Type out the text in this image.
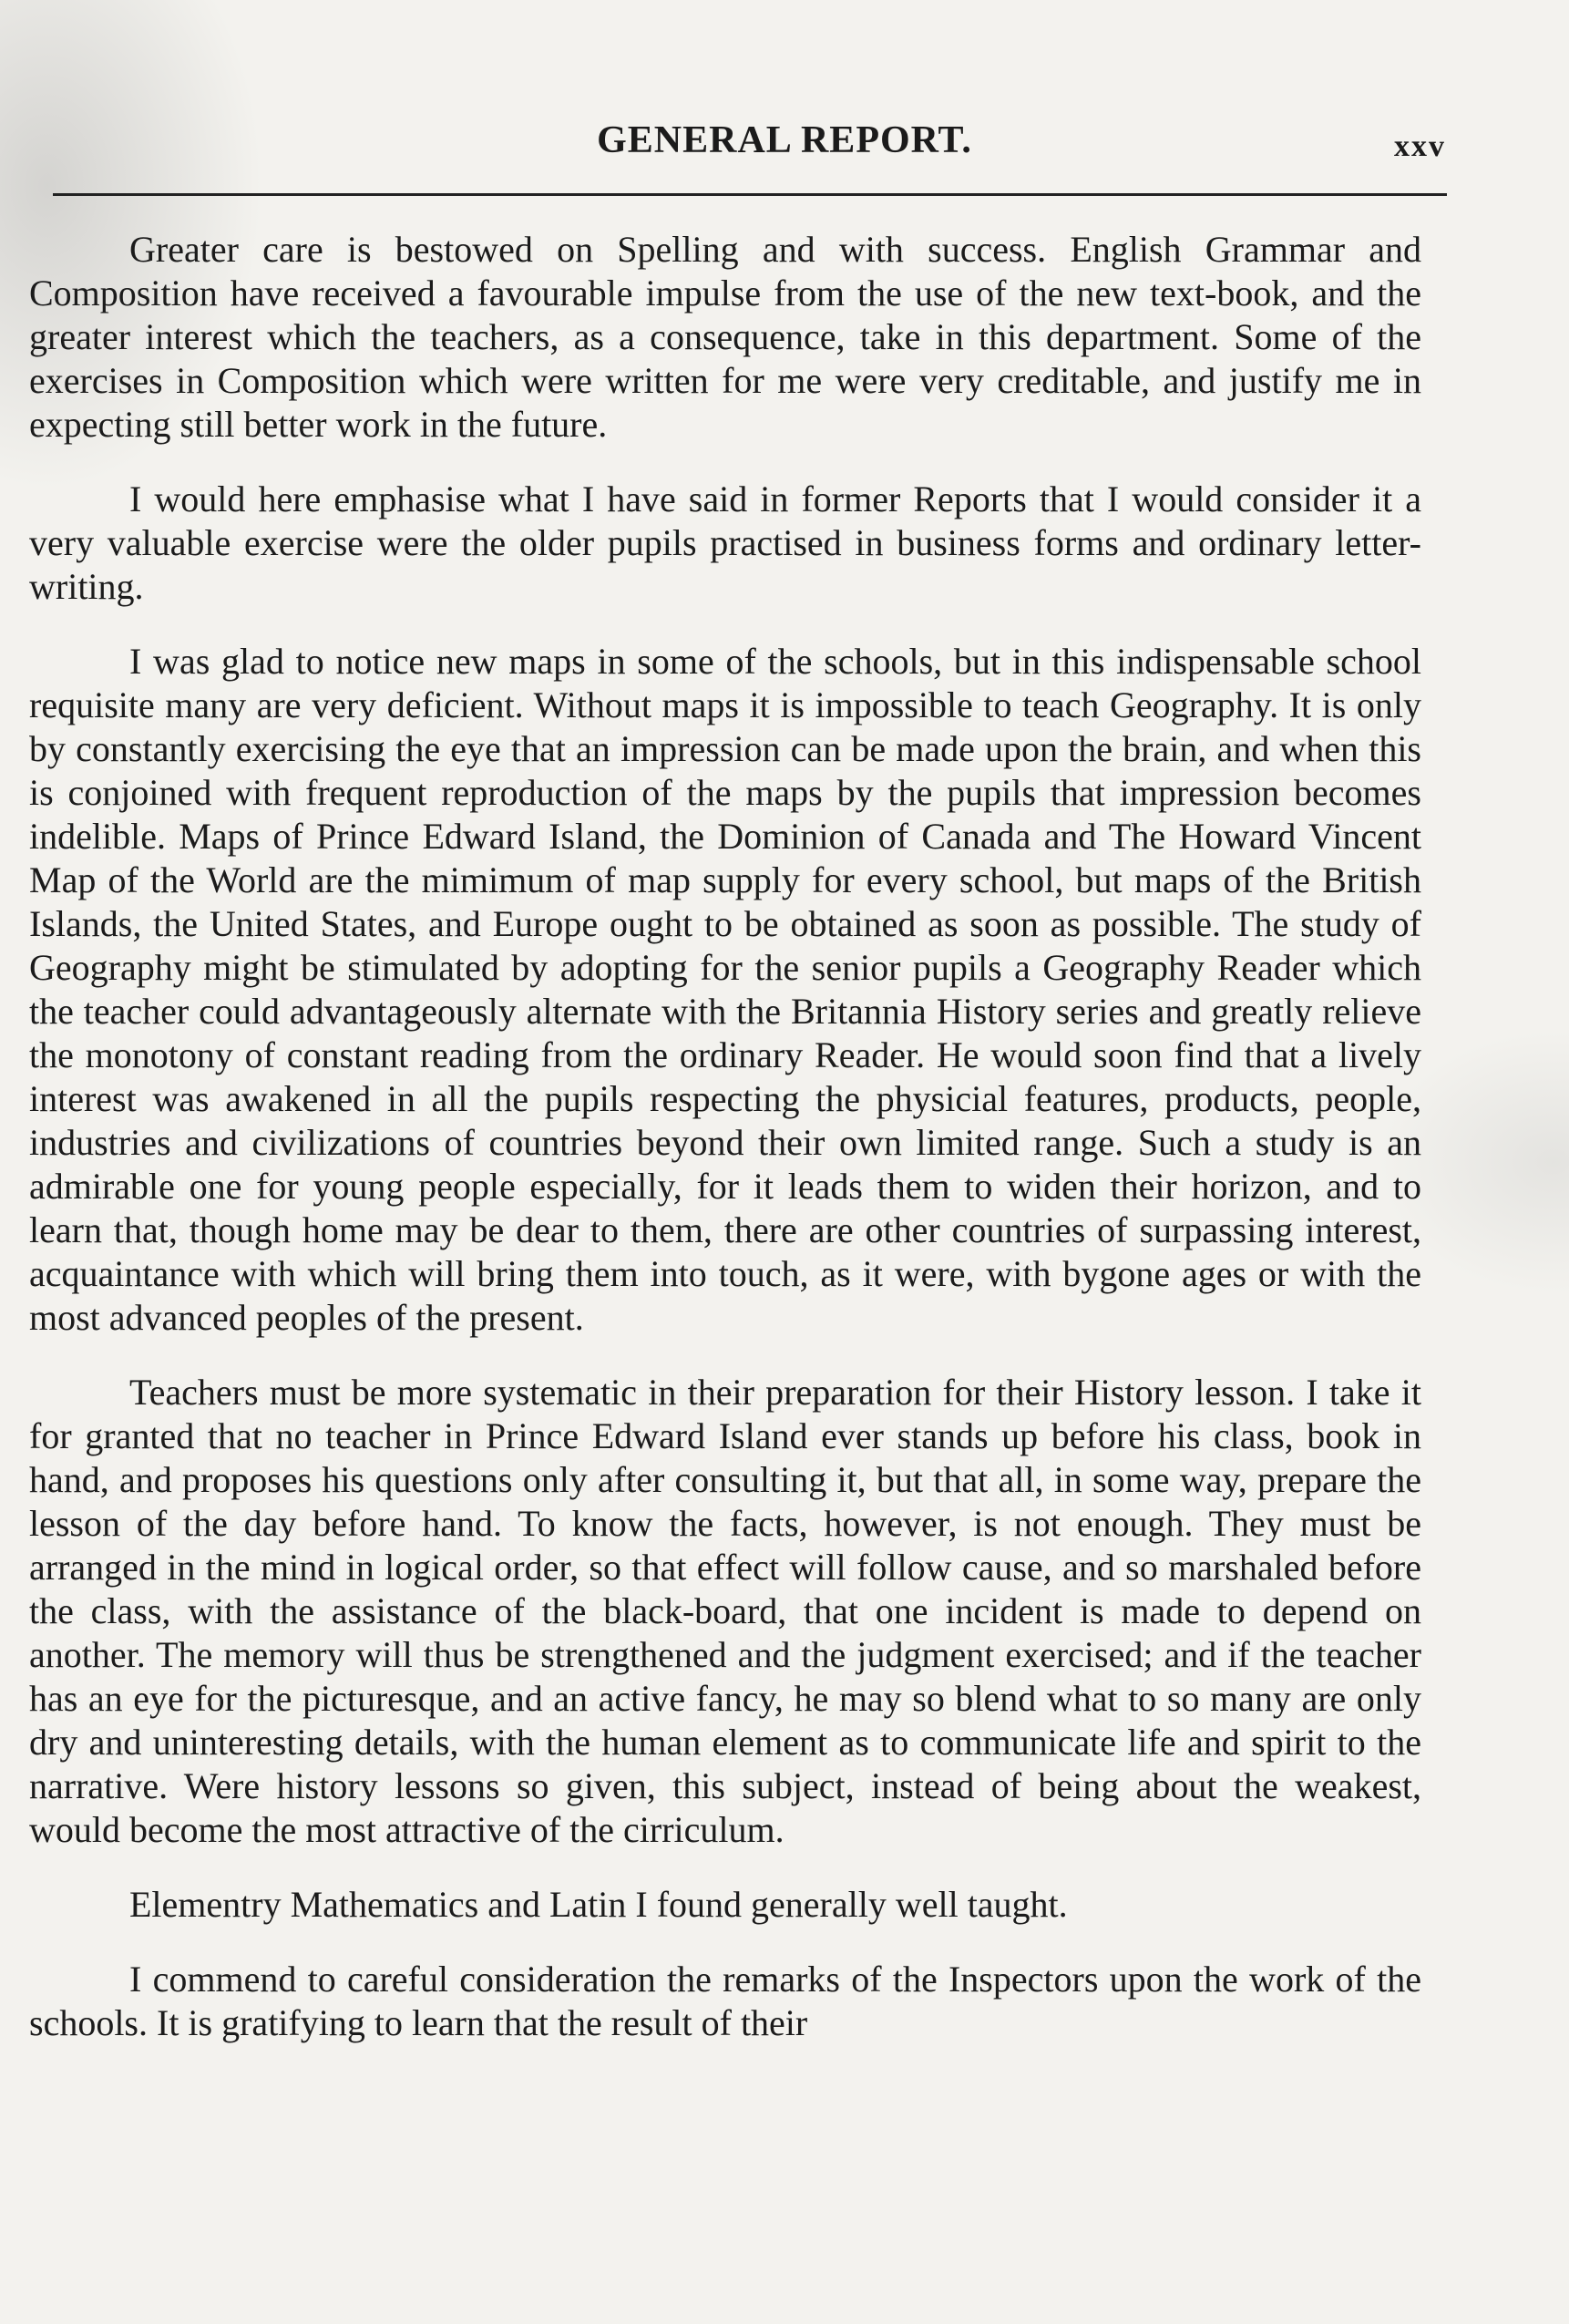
GENERAL REPORT.	xxv

Greater care is bestowed on Spelling and with success. English Grammar and Composition have received a favourable impulse from the use of the new text-book, and the greater interest which the teachers, as a consequence, take in this department. Some of the exercises in Composition which were written for me were very creditable, and justify me in expecting still better work in the future.

I would here emphasise what I have said in former Reports that I would consider it a very valuable exercise were the older pupils practised in business forms and ordinary letter-writing.

I was glad to notice new maps in some of the schools, but in this indispensable school requisite many are very deficient. Without maps it is impossible to teach Geography. It is only by constantly exercising the eye that an impression can be made upon the brain, and when this is conjoined with frequent reproduction of the maps by the pupils that impression becomes indelible. Maps of Prince Edward Island, the Dominion of Canada and The Howard Vincent Map of the World are the mimimum of map supply for every school, but maps of the British Islands, the United States, and Europe ought to be obtained as soon as possible. The study of Geography might be stimulated by adopting for the senior pupils a Geography Reader which the teacher could advantageously alternate with the Britannia History series and greatly relieve the monotony of constant reading from the ordinary Reader. He would soon find that a lively interest was awakened in all the pupils respecting the physicial features, products, people, industries and civilizations of countries beyond their own limited range. Such a study is an admirable one for young people especially, for it leads them to widen their horizon, and to learn that, though home may be dear to them, there are other countries of surpassing interest, acquaintance with which will bring them into touch, as it were, with bygone ages or with the most advanced peoples of the present.

Teachers must be more systematic in their preparation for their History lesson. I take it for granted that no teacher in Prince Edward Island ever stands up before his class, book in hand, and proposes his questions only after consulting it, but that all, in some way, prepare the lesson of the day before hand. To know the facts, however, is not enough. They must be arranged in the mind in logical order, so that effect will follow cause, and so marshaled before the class, with the assistance of the black-board, that one incident is made to depend on another. The memory will thus be strengthened and the judgment exercised; and if the teacher has an eye for the picturesque, and an active fancy, he may so blend what to so many are only dry and uninteresting details, with the human element as to communicate life and spirit to the narrative. Were history lessons so given, this subject, instead of being about the weakest, would become the most attractive of the cirriculum.

Elementry Mathematics and Latin I found generally well taught.

I commend to careful consideration the remarks of the Inspectors upon the work of the schools. It is gratifying to learn that the result of their
